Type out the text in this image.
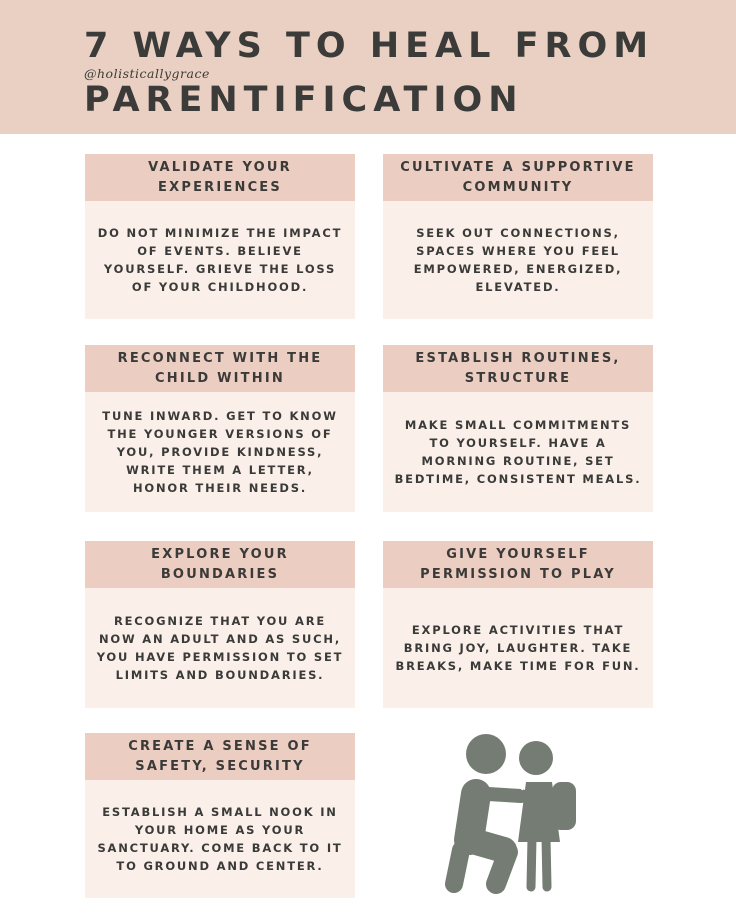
7 WAYS TO HEAL FROM
@holisticallygrace
PARENTIFICATION
VALIDATE YOUR EXPERIENCES
DO NOT MINIMIZE THE IMPACT OF EVENTS. BELIEVE YOURSELF. GRIEVE THE LOSS OF YOUR CHILDHOOD.
CULTIVATE A SUPPORTIVE COMMUNITY
SEEK OUT CONNECTIONS, SPACES WHERE YOU FEEL EMPOWERED, ENERGIZED, ELEVATED.
RECONNECT WITH THE CHILD WITHIN
TUNE INWARD. GET TO KNOW THE YOUNGER VERSIONS OF YOU, PROVIDE KINDNESS, WRITE THEM A LETTER, HONOR THEIR NEEDS.
ESTABLISH ROUTINES, STRUCTURE
MAKE SMALL COMMITMENTS TO YOURSELF. HAVE A MORNING ROUTINE, SET BEDTIME, CONSISTENT MEALS.
EXPLORE YOUR BOUNDARIES
RECOGNIZE THAT YOU ARE NOW AN ADULT AND AS SUCH, YOU HAVE PERMISSION TO SET LIMITS AND BOUNDARIES.
GIVE YOURSELF PERMISSION TO PLAY
EXPLORE ACTIVITIES THAT BRING JOY, LAUGHTER. TAKE BREAKS, MAKE TIME FOR FUN.
CREATE A SENSE OF SAFETY, SECURITY
ESTABLISH A SMALL NOOK IN YOUR HOME AS YOUR SANCTUARY. COME BACK TO IT TO GROUND AND CENTER.
